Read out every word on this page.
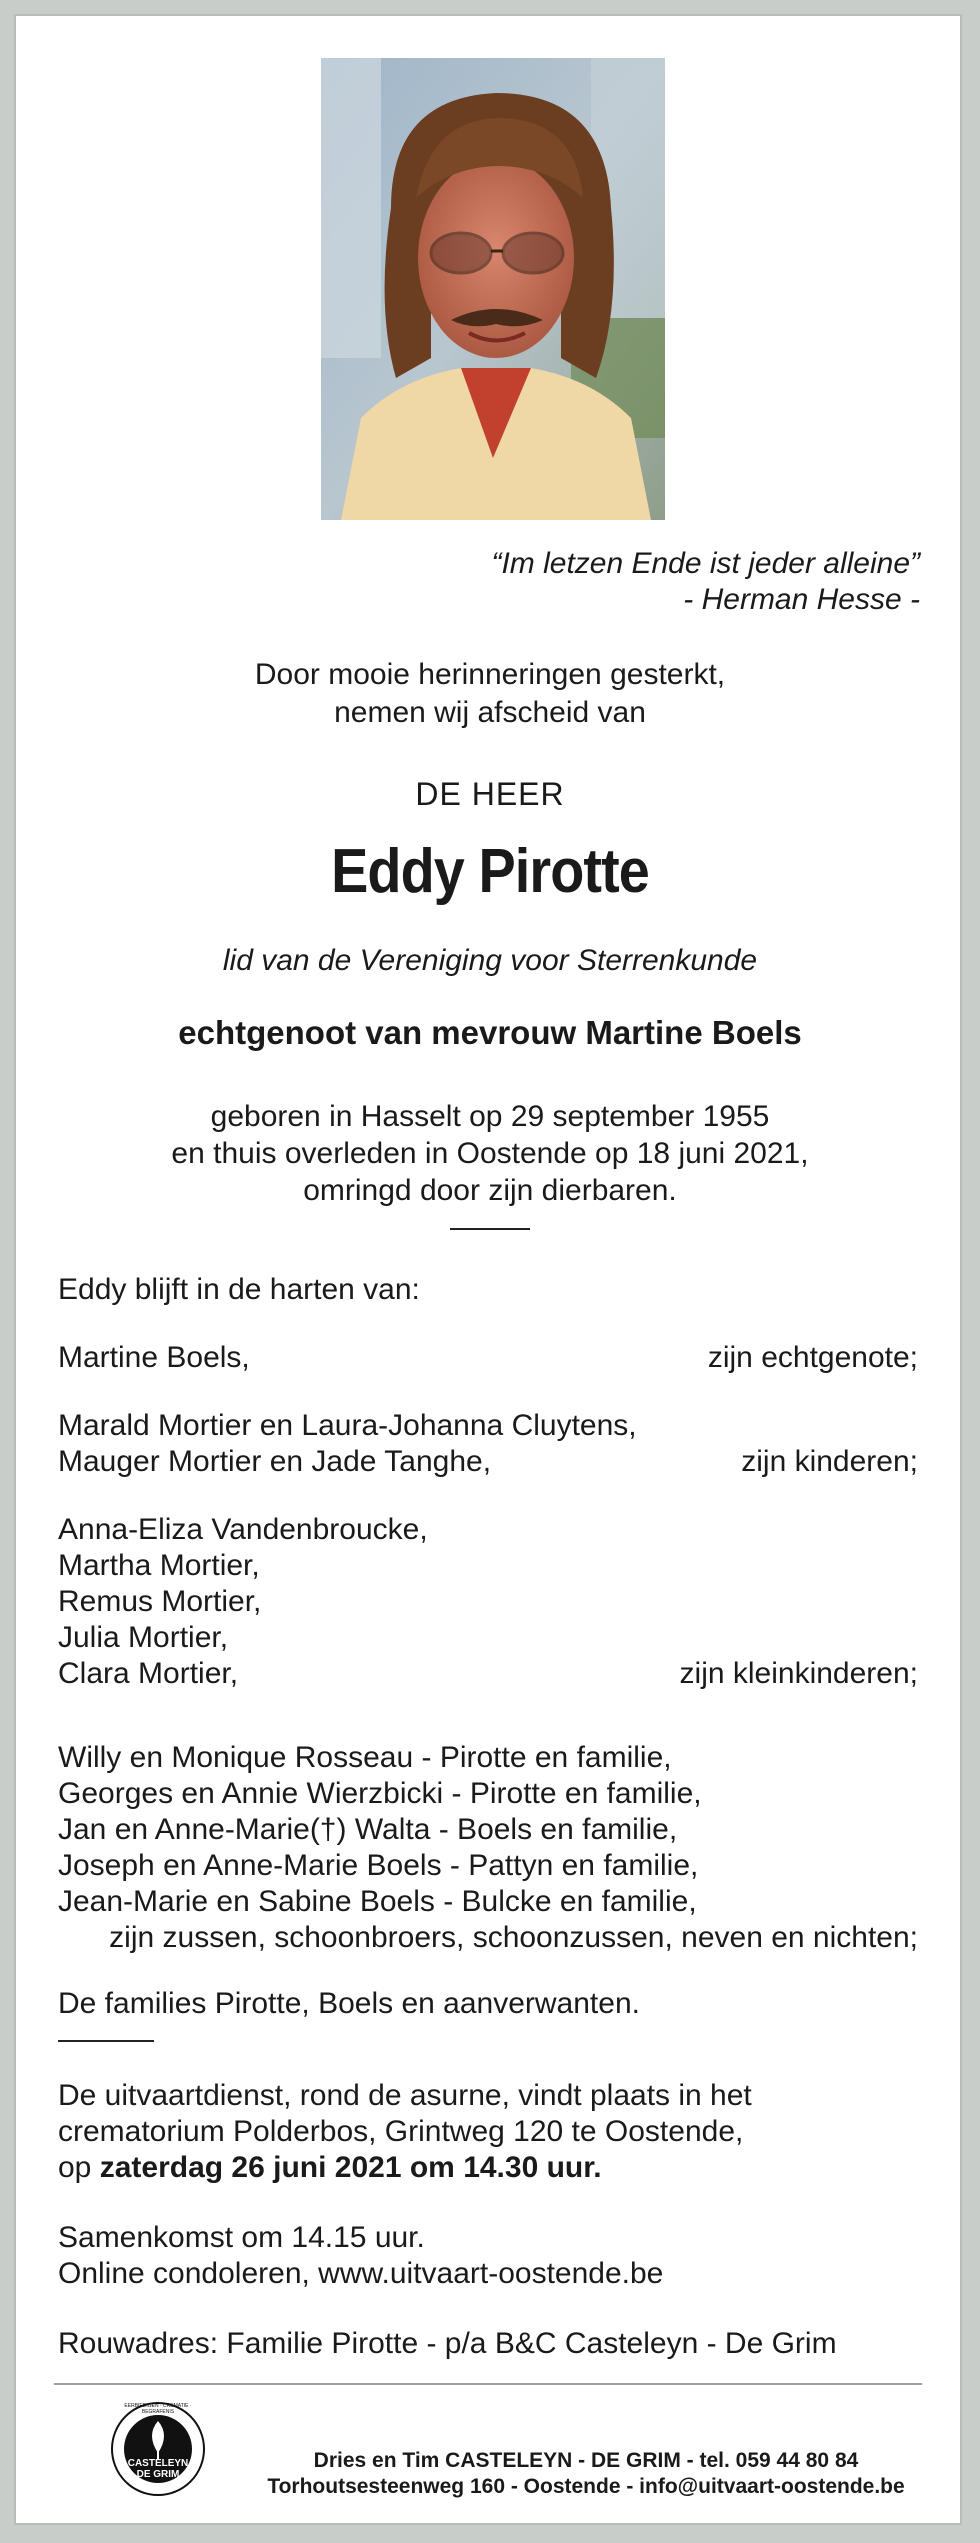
“Im letzen Ende ist jeder alleine”
- Herman Hesse -
Door mooie herinneringen gesterkt,
nemen wij afscheid van
DE HEER
Eddy Pirotte
lid van de Vereniging voor Sterrenkunde
echtgenoot van mevrouw Martine Boels
geboren in Hasselt op 29 september 1955
en thuis overleden in Oostende op 18 juni 2021,
omringd door zijn dierbaren.
Eddy blijft in de harten van:
Martine Boels,	zijn echtgenote;
Marald Mortier en Laura-Johanna Cluytens,
Mauger Mortier en Jade Tanghe,	zijn kinderen;
Anna-Eliza Vandenbroucke,
Martha Mortier,
Remus Mortier,
Julia Mortier,
Clara Mortier,	zijn kleinkinderen;
Willy en Monique Rosseau - Pirotte en familie,
Georges en Annie Wierzbicki - Pirotte en familie,
Jan en Anne-Marie(†) Walta - Boels en familie,
Joseph en Anne-Marie Boels - Pattyn en familie,
Jean-Marie en Sabine Boels - Bulcke en familie,
zijn zussen, schoonbroers, schoonzussen, neven en nichten;
De families Pirotte, Boels en aanverwanten.
De uitvaartdienst, rond de asurne, vindt plaats in het
crematorium Polderbos, Grintweg 120 te Oostende,
op zaterdag 26 juni 2021 om 14.30 uur.
Samenkomst om 14.15 uur.
Online condoleren, www.uitvaart-oostende.be
Rouwadres: Familie Pirotte - p/a B&C Casteleyn - De Grim
CASTELEYN
DE GRIM
EERBIEDIGEN · CREMATIE · BEGRAFENIS
Dries en Tim CASTELEYN - DE GRIM - tel. 059 44 80 84
Torhoutsesteenweg 160 - Oostende - info@uitvaart-oostende.be
